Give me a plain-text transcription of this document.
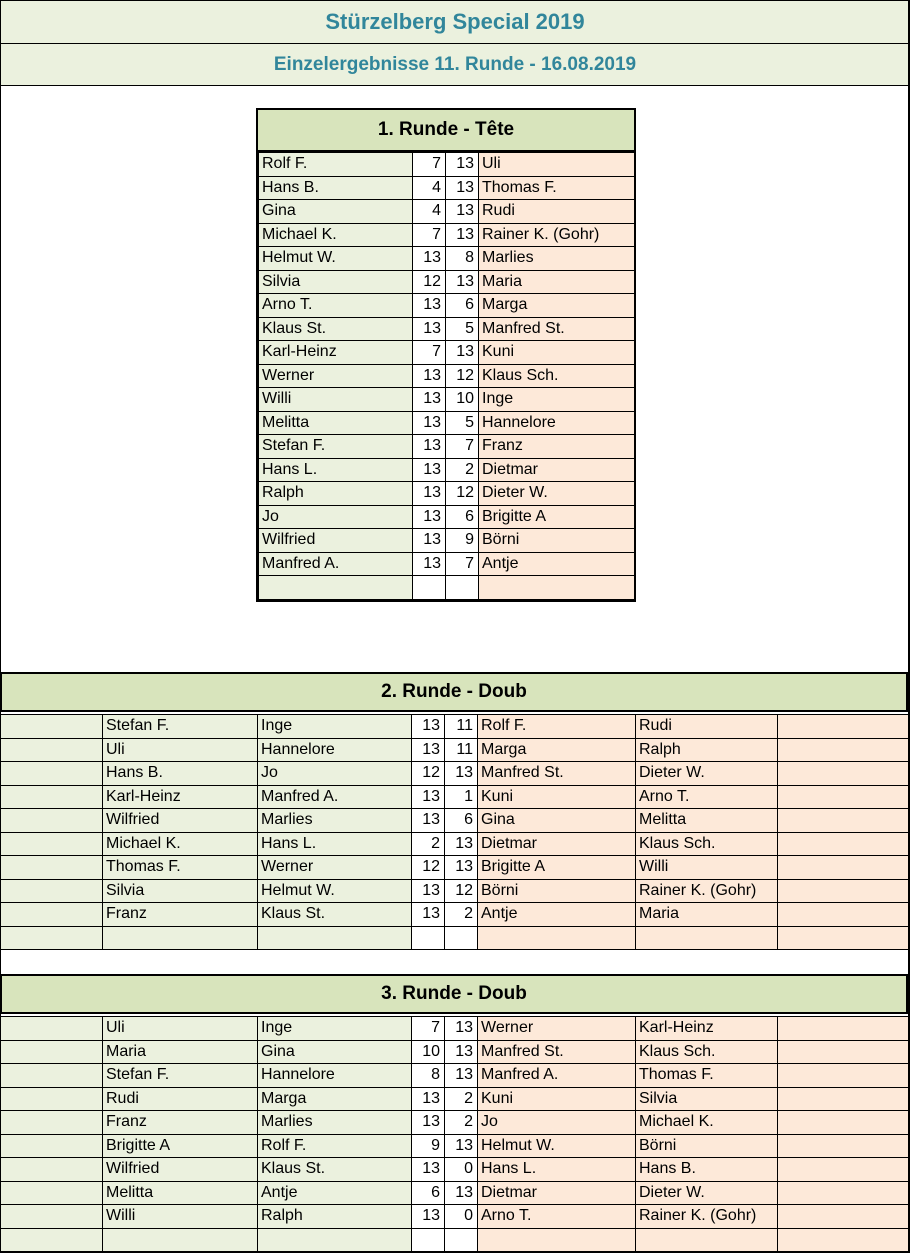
Stürzelberg Special 2019
Einzelergebnisse 11. Runde - 16.08.2019
1. Runde - Tête
Rolf F.	7	13	Uli
Hans B.	4	13	Thomas F.
Gina	4	13	Rudi
Michael K.	7	13	Rainer K. (Gohr)
Helmut W.	13	8	Marlies
Silvia	12	13	Maria
Arno T.	13	6	Marga
Klaus St.	13	5	Manfred St.
Karl-Heinz	7	13	Kuni
Werner	13	12	Klaus Sch.
Willi	13	10	Inge
Melitta	13	5	Hannelore
Stefan F.	13	7	Franz
Hans L.	13	2	Dietmar
Ralph	13	12	Dieter W.
Jo	13	6	Brigitte A
Wilfried	13	9	Börni
Manfred A.	13	7	Antje

2. Runde - Doub
	Stefan F.	Inge	13	11	Rolf F.	Rudi	
	Uli	Hannelore	13	11	Marga	Ralph	
	Hans B.	Jo	12	13	Manfred St.	Dieter W.	
	Karl-Heinz	Manfred A.	13	1	Kuni	Arno T.	
	Wilfried	Marlies	13	6	Gina	Melitta	
	Michael K.	Hans L.	2	13	Dietmar	Klaus Sch.	
	Thomas F.	Werner	12	13	Brigitte A	Willi	
	Silvia	Helmut W.	13	12	Börni	Rainer K. (Gohr)	
	Franz	Klaus St.	13	2	Antje	Maria	

3. Runde - Doub
	Uli	Inge	7	13	Werner	Karl-Heinz	
	Maria	Gina	10	13	Manfred St.	Klaus Sch.	
	Stefan F.	Hannelore	8	13	Manfred A.	Thomas F.	
	Rudi	Marga	13	2	Kuni	Silvia	
	Franz	Marlies	13	2	Jo	Michael K.	
	Brigitte A	Rolf F.	9	13	Helmut W.	Börni	
	Wilfried	Klaus St.	13	0	Hans L.	Hans B.	
	Melitta	Antje	6	13	Dietmar	Dieter W.	
	Willi	Ralph	13	0	Arno T.	Rainer K. (Gohr)	
